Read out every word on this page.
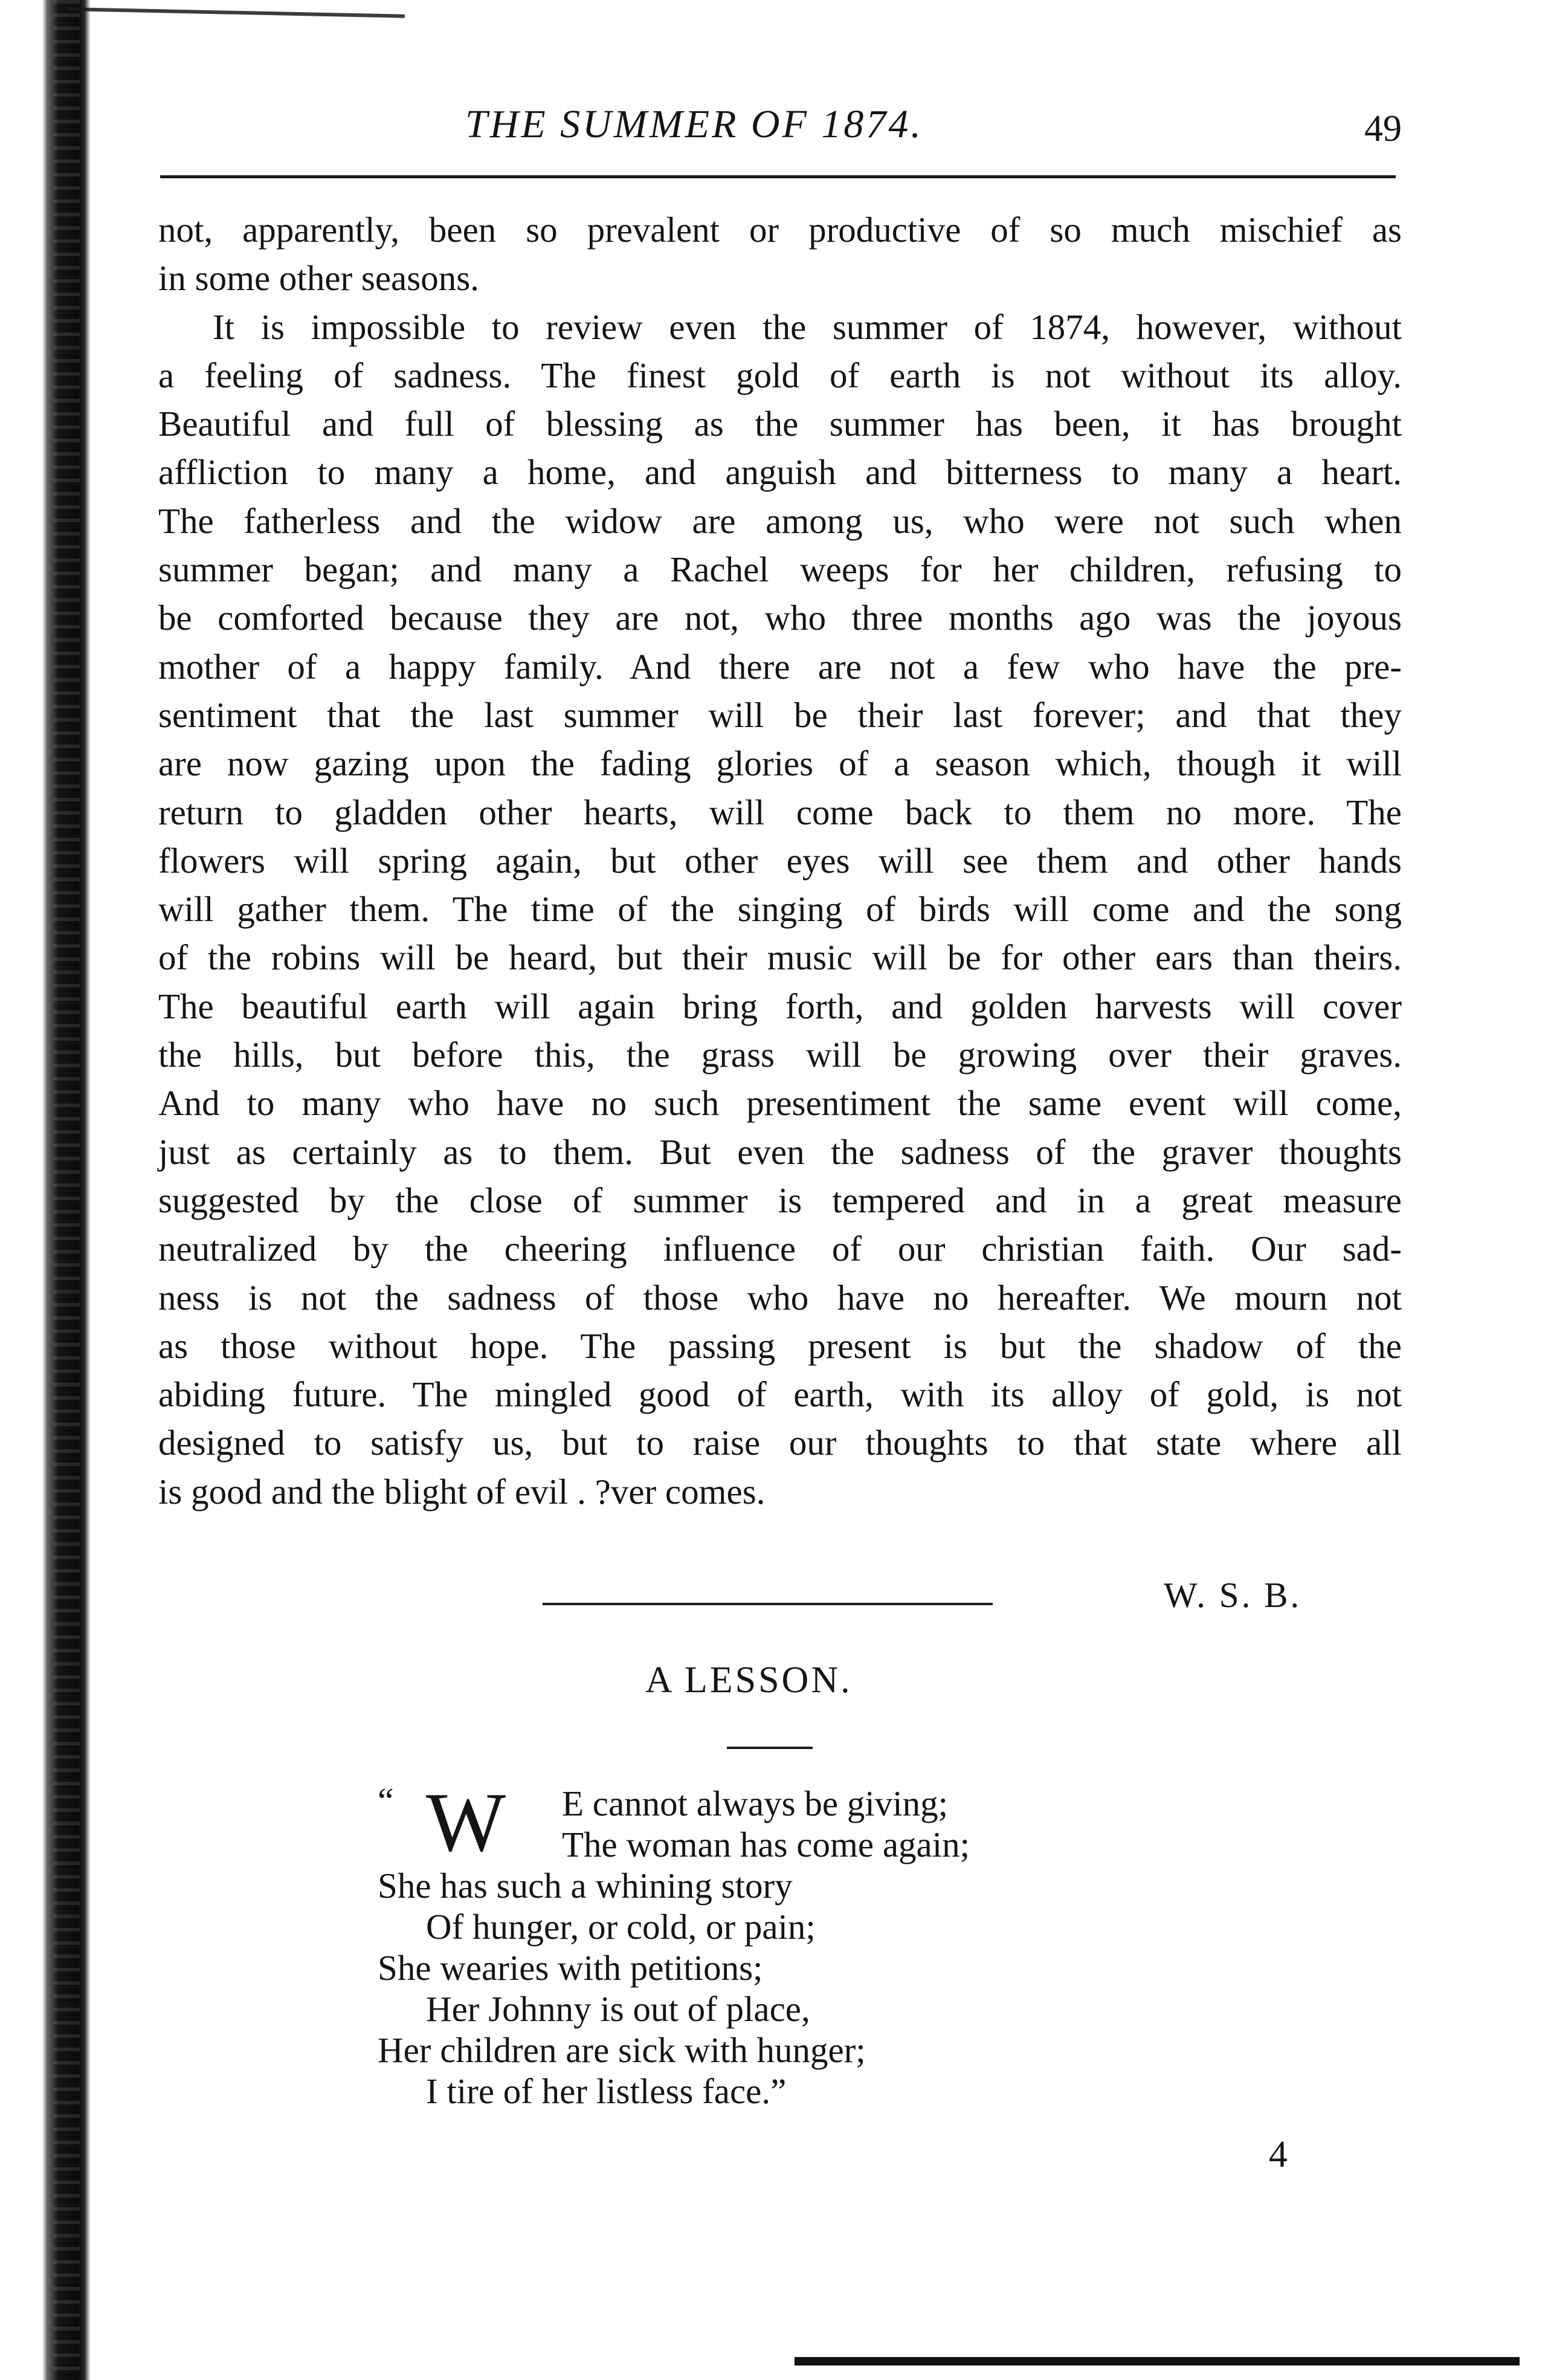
THE SUMMER OF 1874.	49
not, apparently, been so prevalent or productive of so much mischief as
in some other seasons.
It is impossible to review even the summer of 1874, however, without
a feeling of sadness. The finest gold of earth is not without its alloy.
Beautiful and full of blessing as the summer has been, it has brought
affliction to many a home, and anguish and bitterness to many a heart.
The fatherless and the widow are among us, who were not such when
summer began; and many a Rachel weeps for her children, refusing to
be comforted because they are not, who three months ago was the joyous
mother of a happy family. And there are not a few who have the pre-
sentiment that the last summer will be their last forever; and that they
are now gazing upon the fading glories of a season which, though it will
return to gladden other hearts, will come back to them no more. The
flowers will spring again, but other eyes will see them and other hands
will gather them. The time of the singing of birds will come and the song
of the robins will be heard, but their music will be for other ears than theirs.
The beautiful earth will again bring forth, and golden harvests will cover
the hills, but before this, the grass will be growing over their graves.
And to many who have no such presentiment the same event will come,
just as certainly as to them. But even the sadness of the graver thoughts
suggested by the close of summer is tempered and in a great measure
neutralized by the cheering influence of our christian faith. Our sad-
ness is not the sadness of those who have no hereafter. We mourn not
as those without hope. The passing present is but the shadow of the
abiding future. The mingled good of earth, with its alloy of gold, is not
designed to satisfy us, but to raise our thoughts to that state where all
is good and the blight of evil . ?ver comes.
W. S. B.
A LESSON.
“ W E cannot always be giving;
The woman has come again;
She has such a whining story
Of hunger, or cold, or pain;
She wearies with petitions;
Her Johnny is out of place,
Her children are sick with hunger;
I tire of her listless face.”
4
